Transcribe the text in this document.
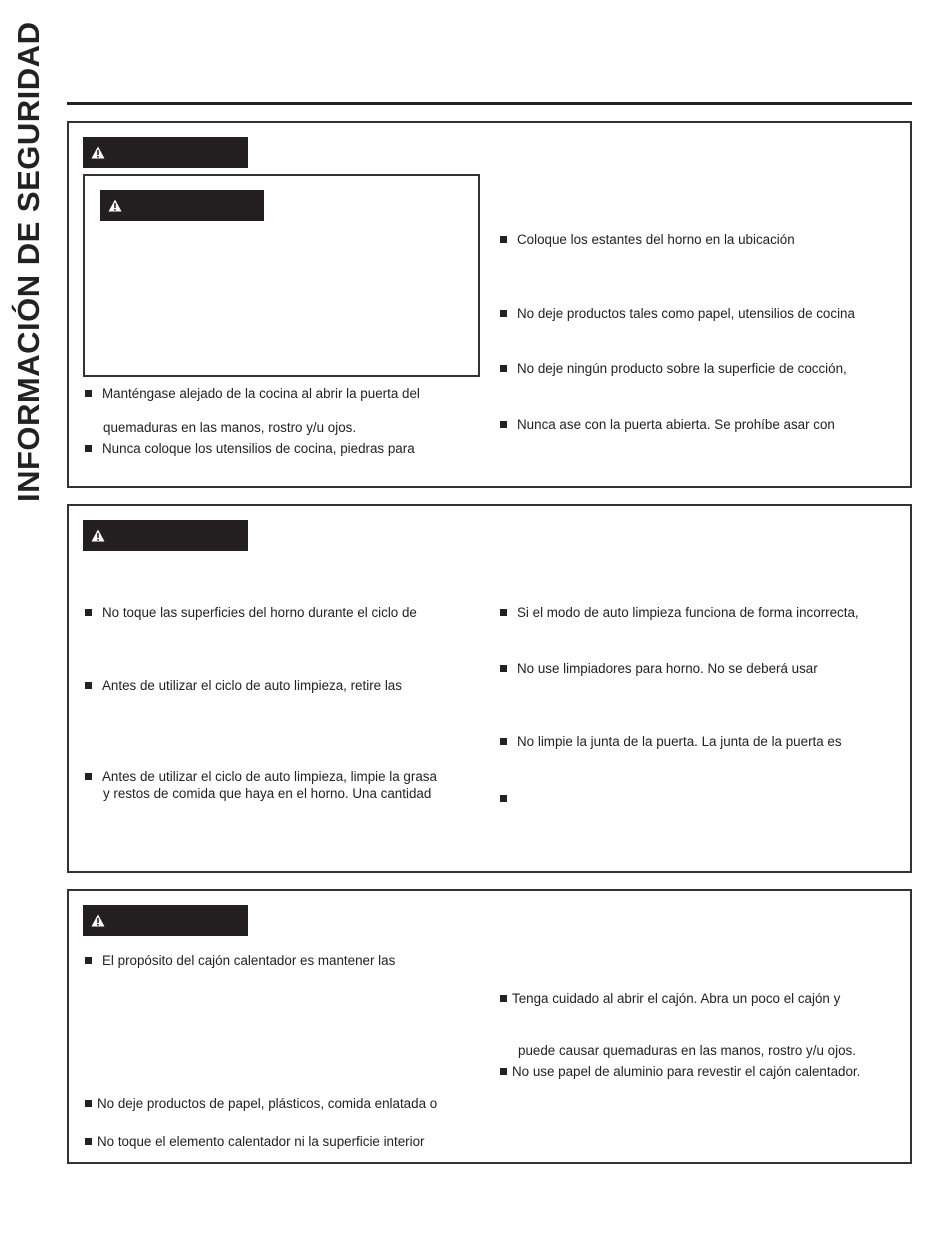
INFORMACIÓN DE SEGURIDAD	Manténgase alejado de la cocina al abrir la puerta del
quemaduras en las manos, rostro y/u ojos.
Nunca coloque los utensilios de cocina, piedras para
Coloque los estantes del horno en la ubicación
No deje productos tales como papel, utensilios de cocina
No deje ningún producto sobre la superficie de cocción,
Nunca ase con la puerta abierta. Se prohíbe asar con
No toque las superficies del horno durante el ciclo de
Antes de utilizar el ciclo de auto limpieza, retire las
Antes de utilizar el ciclo de auto limpieza, limpie la grasa
y restos de comida que haya en el horno. Una cantidad
Si el modo de auto limpieza funciona de forma incorrecta,
No use limpiadores para horno. No se deberá usar
No limpie la junta de la puerta. La junta de la puerta es
El propósito del cajón calentador es mantener las
No deje productos de papel, plásticos, comida enlatada o
No toque el elemento calentador ni la superficie interior
Tenga cuidado al abrir el cajón. Abra un poco el cajón y
puede causar quemaduras en las manos, rostro y/u ojos.
No use papel de aluminio para revestir el cajón calentador.
